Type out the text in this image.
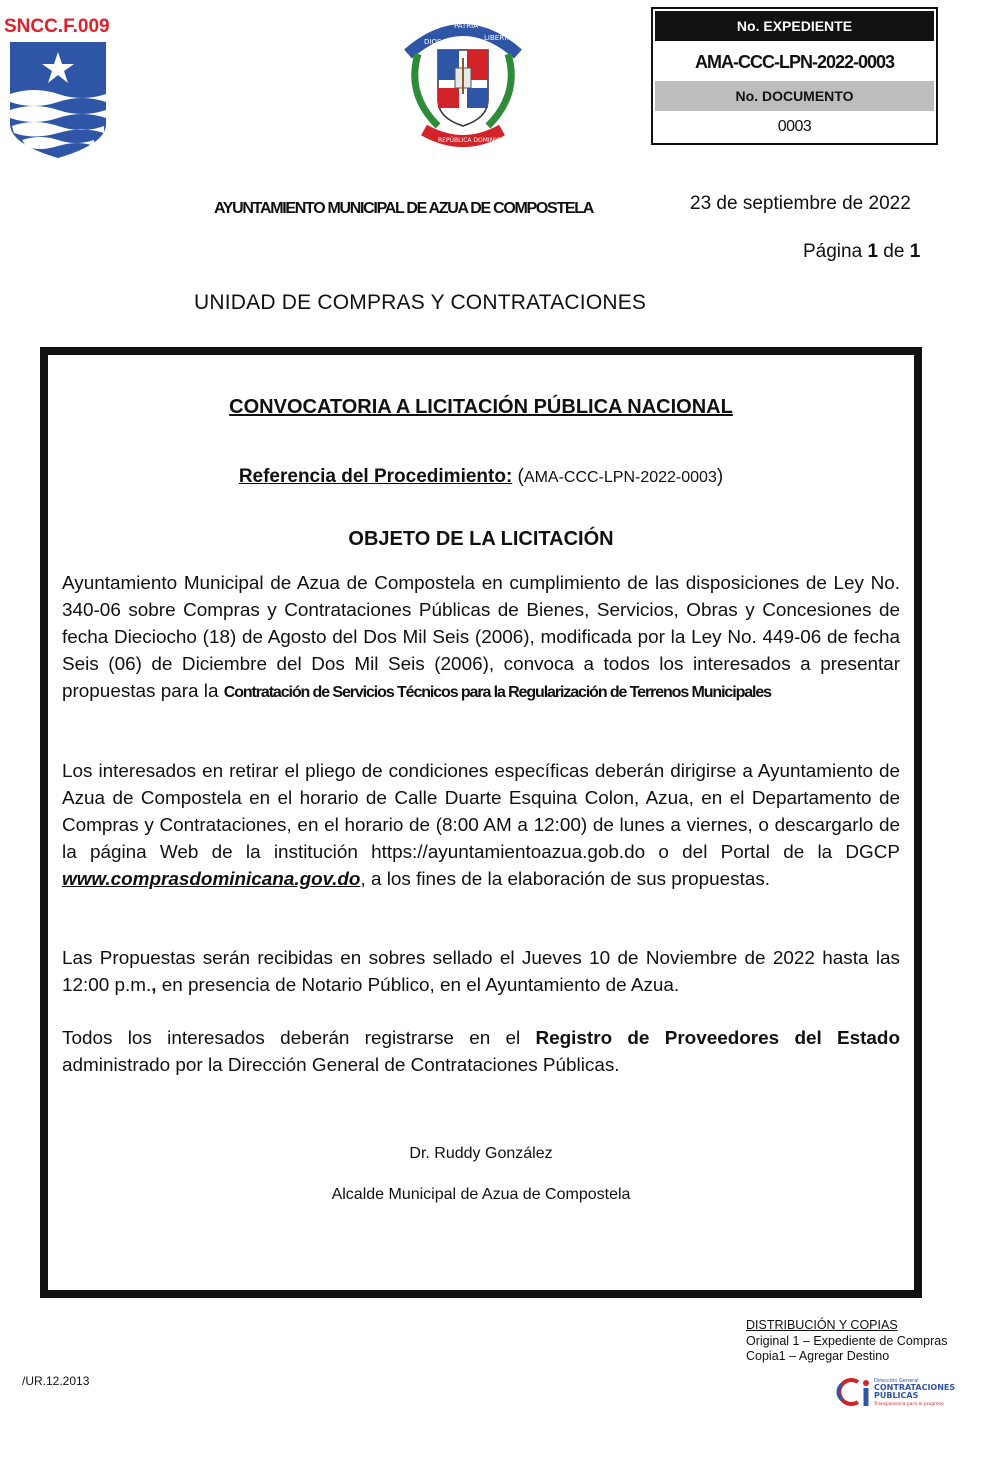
SNCC.F.009
DIOS
PATRIA
LIBERTAD
REPÚBLICA DOMINICANA
No. EXPEDIENTE
AMA-CCC-LPN-2022-0003
No. DOCUMENTO
0003
AYUNTAMIENTO MUNICIPAL DE AZUA DE COMPOSTELA	23 de septiembre de 2022
Página 1 de 1
UNIDAD DE COMPRAS Y CONTRATACIONES
CONVOCATORIA A LICITACIÓN PÚBLICA NACIONAL
Referencia del Procedimiento: (AMA-CCC-LPN-2022-0003)
OBJETO DE LA LICITACIÓN
Ayuntamiento Municipal de Azua de Compostela en cumplimiento de las disposiciones de Ley No. 340-06 sobre Compras y Contrataciones Públicas de Bienes, Servicios, Obras y Concesiones de fecha Dieciocho (18) de Agosto del Dos Mil Seis (2006), modificada por la Ley No. 449-06 de fecha Seis (06) de Diciembre del Dos Mil Seis (2006), convoca a todos los interesados a presentar propuestas para la Contratación de Servicios Técnicos para la Regularización de Terrenos Municipales
Los interesados en retirar el pliego de condiciones específicas deberán dirigirse a Ayuntamiento de Azua de Compostela en el horario de Calle Duarte Esquina Colon, Azua, en el Departamento de Compras y Contrataciones, en el horario de (8:00 AM a 12:00) de lunes a viernes, o descargarlo de la página Web de la institución https://ayuntamientoazua.gob.do o del Portal de la DGCP www.comprasdominicana.gov.do, a los fines de la elaboración de sus propuestas.
Las Propuestas serán recibidas en sobres sellado el Jueves 10 de Noviembre de 2022 hasta las 12:00 p.m., en presencia de Notario Público, en el Ayuntamiento de Azua.
Todos los interesados deberán registrarse en el Registro de Proveedores del Estado administrado por la Dirección General de Contrataciones Públicas.
Dr. Ruddy González
Alcalde Municipal de Azua de Compostela
DISTRIBUCIÓN Y COPIAS
Original 1 – Expediente de Compras
Copia1 – Agregar Destino
/UR.12.2013	Dirección General
CONTRATACIONES
PÚBLICAS
Transparencia para el progreso
